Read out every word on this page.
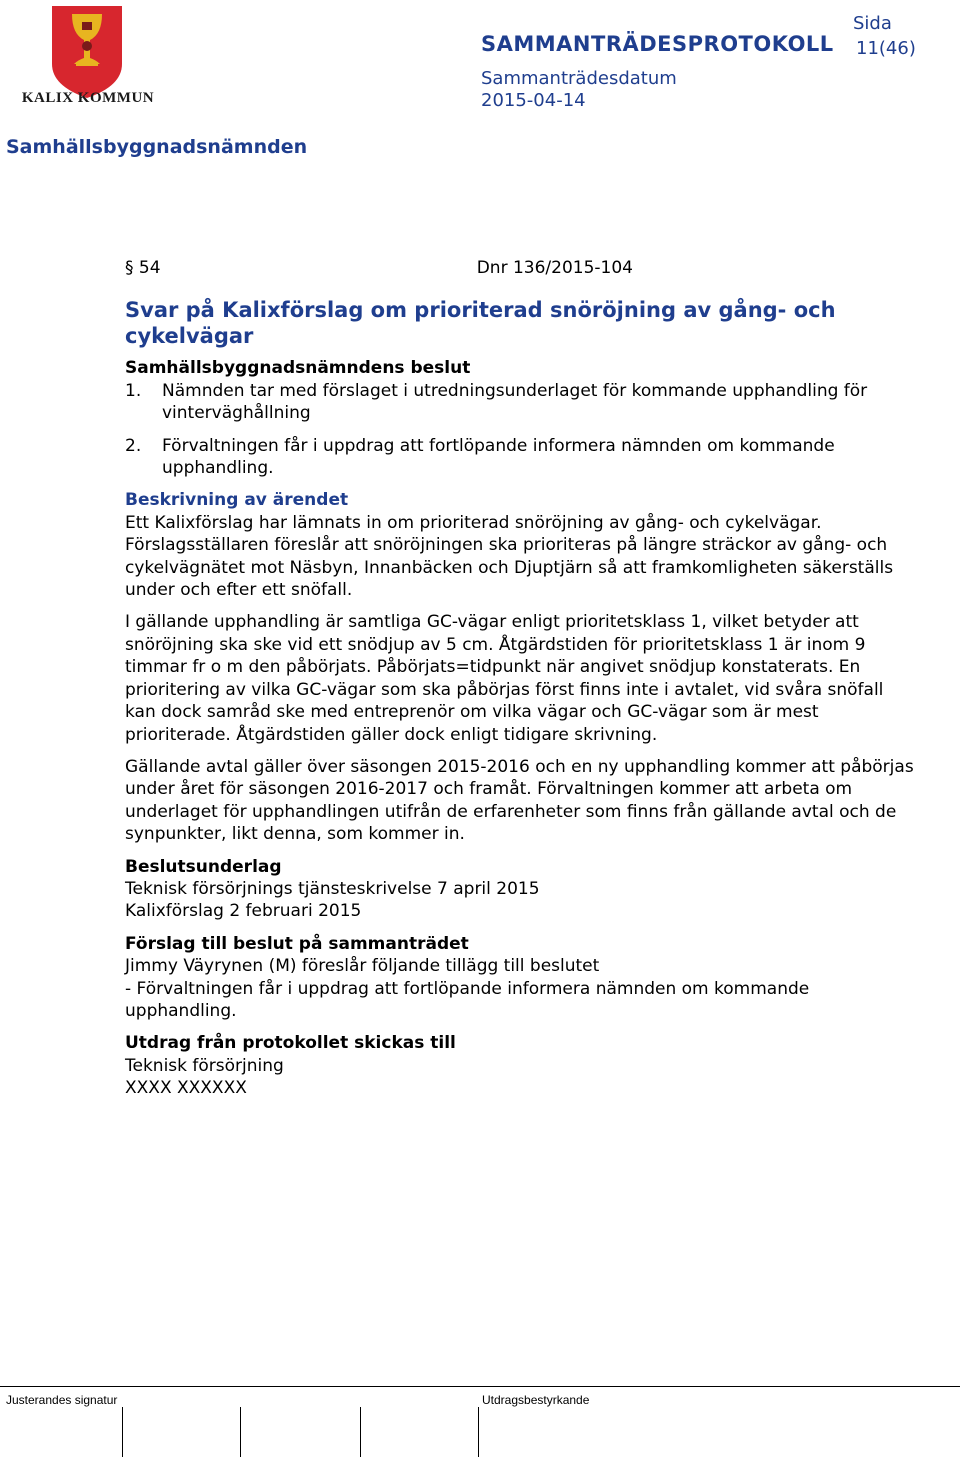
KALIX KOMMUN
SAMMANTRÄDESPROTOKOLL
Sida
11(46)
Sammanträdesdatum
2015-04-14
Samhällsbyggnadsnämnden
§ 54	Dnr 136/2015-104
Svar på Kalixförslag om prioriterad snöröjning av gång- och cykelvägar
Samhällsbyggnadsnämndens beslut
1. Nämnden tar med förslaget i utredningsunderlaget för kommande upphandling för vinterväghållning
2. Förvaltningen får i uppdrag att fortlöpande informera nämnden om kommande upphandling.
Beskrivning av ärendet

Ett Kalixförslag har lämnats in om prioriterad snöröjning av gång- och cykelvägar. Förslagsställaren föreslår att snöröjningen ska prioriteras på längre sträckor av gång- och cykelvägnätet mot Näsbyn, Innanbäcken och Djuptjärn så att framkomligheten säkerställs under och efter ett snöfall.

I gällande upphandling är samtliga GC-vägar enligt prioritetsklass 1, vilket betyder att snöröjning ska ske vid ett snödjup av 5 cm. Åtgärdstiden för prioritetsklass 1 är inom 9 timmar fr o m den påbörjats. Påbörjats=tidpunkt när angivet snödjup konstaterats. En prioritering av vilka GC-vägar som ska påbörjas först finns inte i avtalet, vid svåra snöfall kan dock samråd ske med entreprenör om vilka vägar och GC-vägar som är mest prioriterade. Åtgärdstiden gäller dock enligt tidigare skrivning.

Gällande avtal gäller över säsongen 2015-2016 och en ny upphandling kommer att påbörjas under året för säsongen 2016-2017 och framåt. Förvaltningen kommer att arbeta om underlaget för upphandlingen utifrån de erfarenheter som finns från gällande avtal och de synpunkter, likt denna, som kommer in.

Beslutsunderlag
Teknisk försörjnings tjänsteskrivelse 7 april 2015
Kalixförslag 2 februari 2015
Förslag till beslut på sammanträdet
Jimmy Väyrynen (M) föreslår följande tillägg till beslutet
- Förvaltningen får i uppdrag att fortlöpande informera nämnden om kommande upphandling.
Utdrag från protokollet skickas till
Teknisk försörjning
XXXX XXXXXX
Justerandes signatur	Utdragsbestyrkande
